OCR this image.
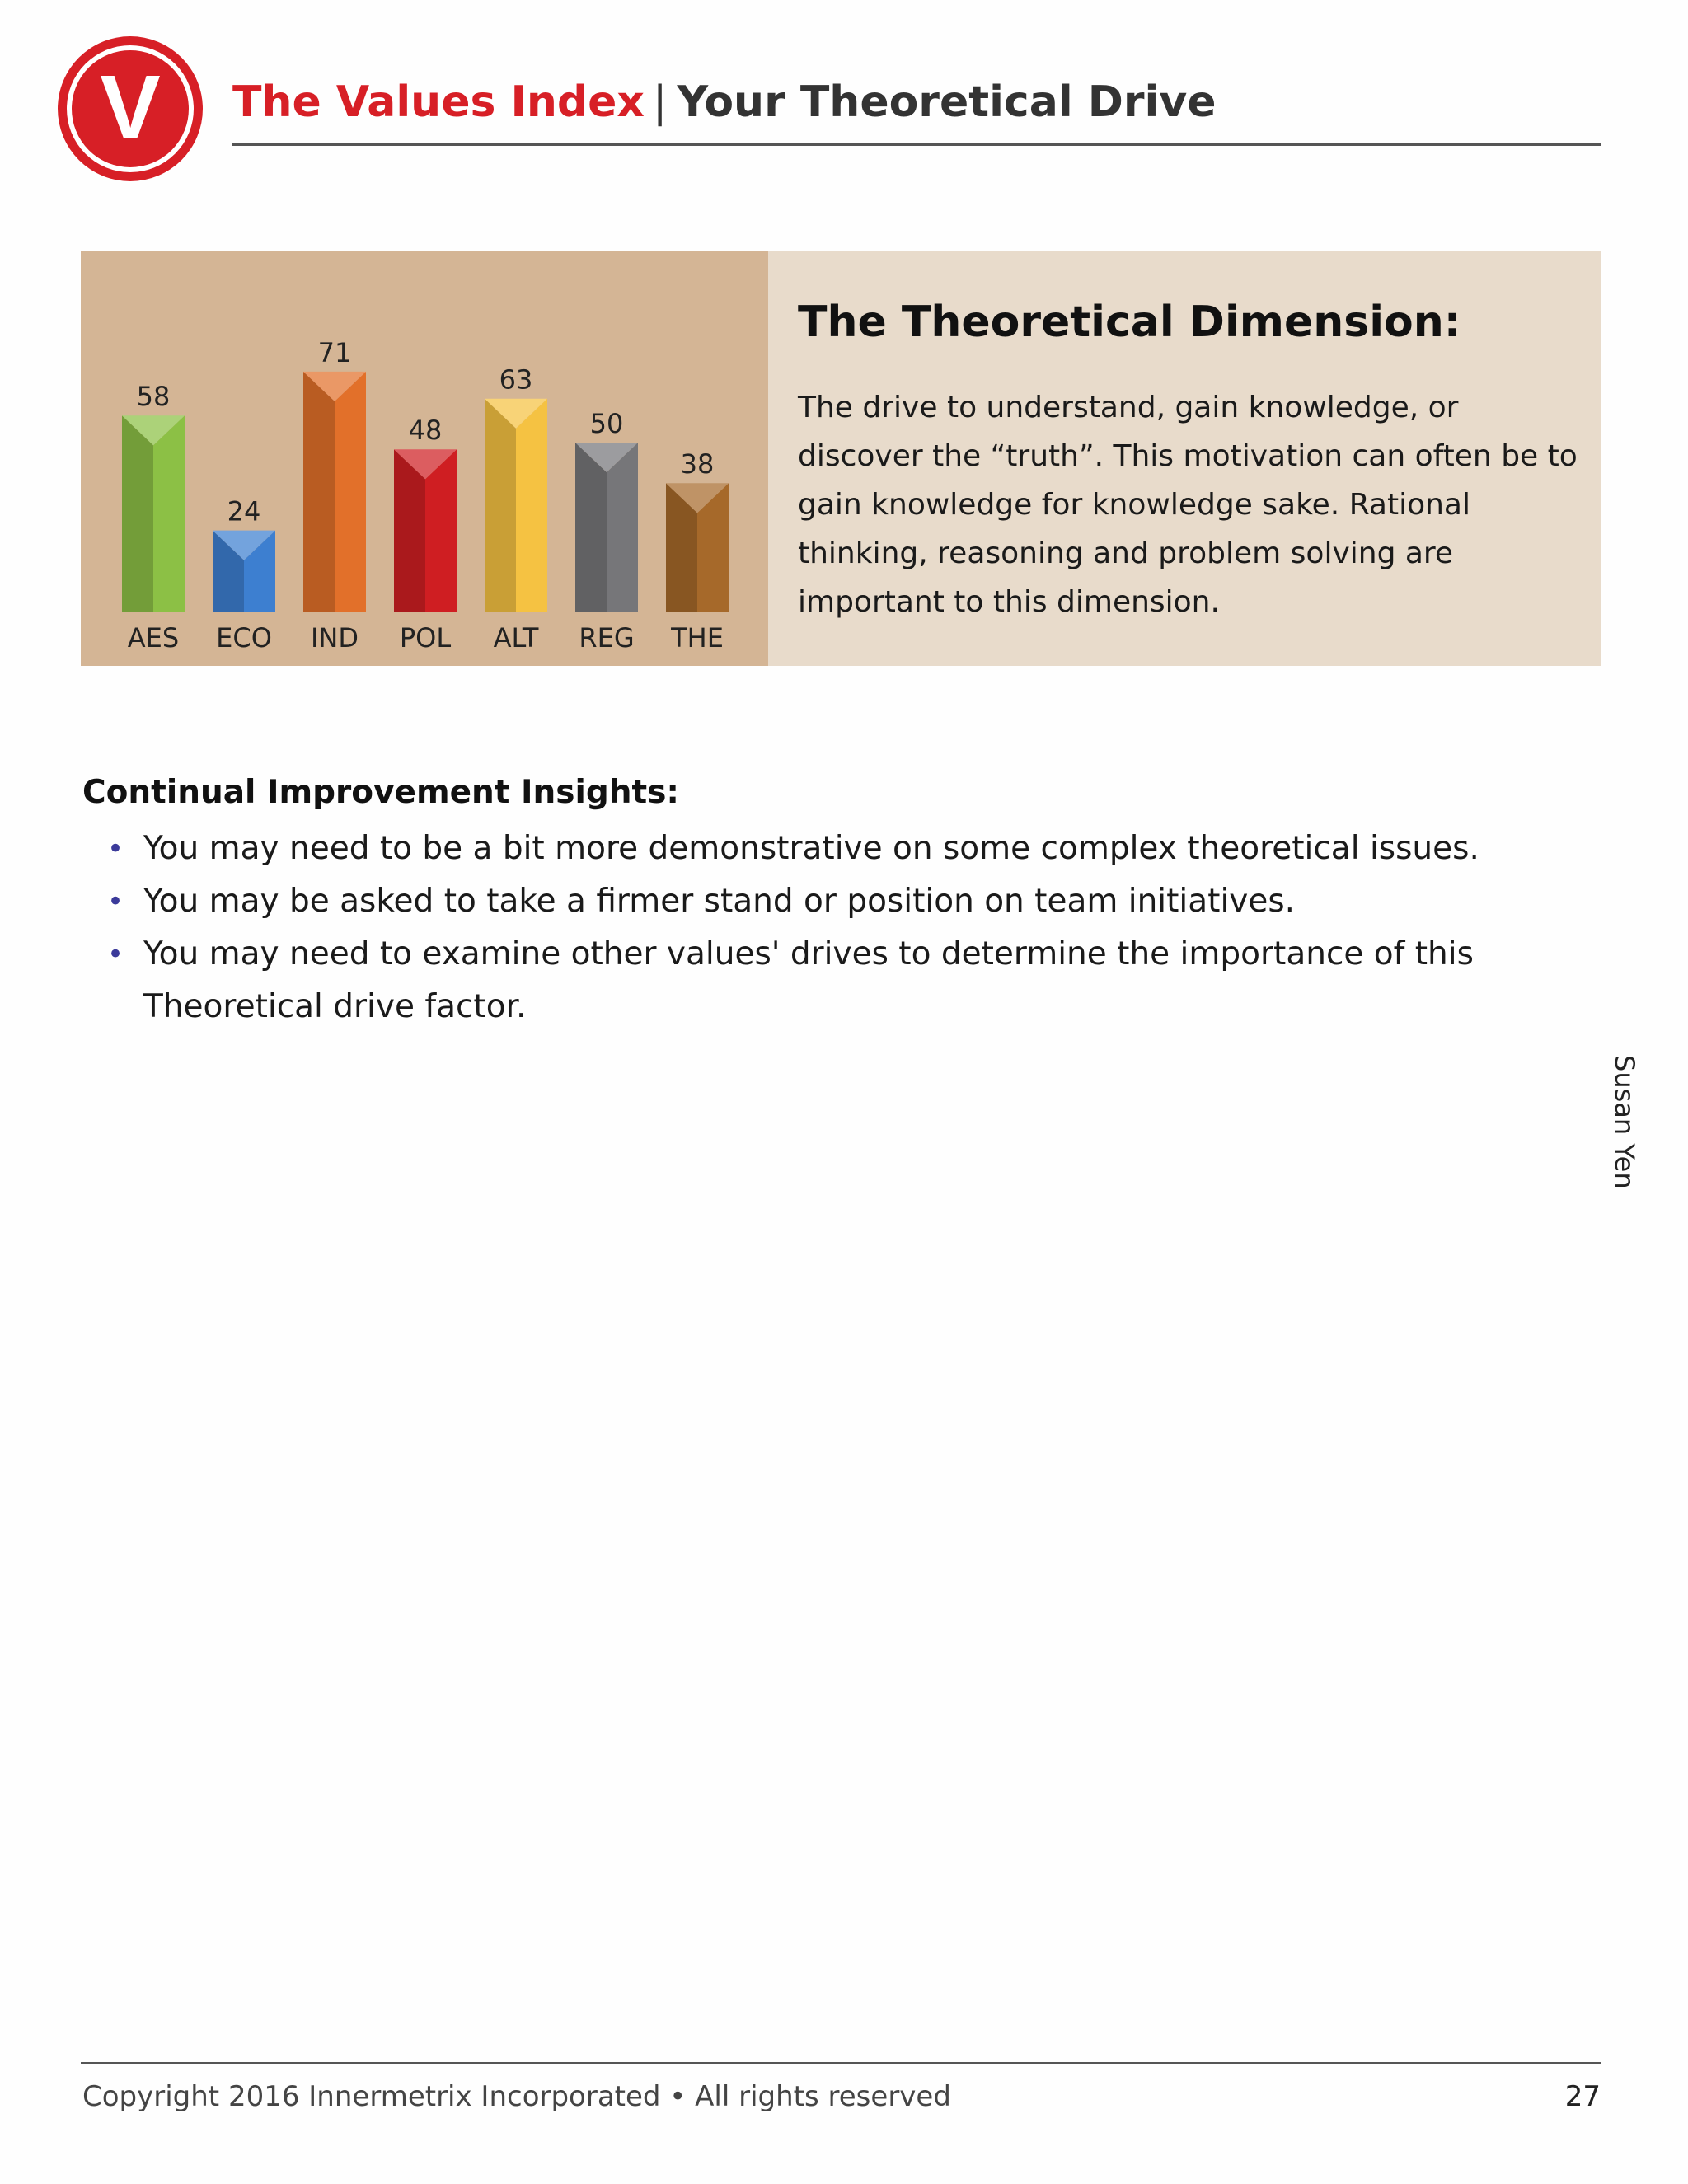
V The Values Index | Your Theoretical Drive
58
AES
24
ECO
71
IND
48
POL
63
ALT
50
REG
38
THE
The Theoretical Dimension:
The drive to understand, gain knowledge, or discover the “truth”. This motivation can often be to gain knowledge for knowledge sake. Rational thinking, reasoning and problem solving are important to this dimension.
Continual Improvement Insights:
• You may need to be a bit more demonstrative on some complex theoretical issues.
• You may be asked to take a firmer stand or position on team initiatives.
• You may need to examine other values' drives to determine the importance of this Theoretical drive factor.
Susan Yen
Copyright 2016 Innermetrix Incorporated • All rights reserved	27
